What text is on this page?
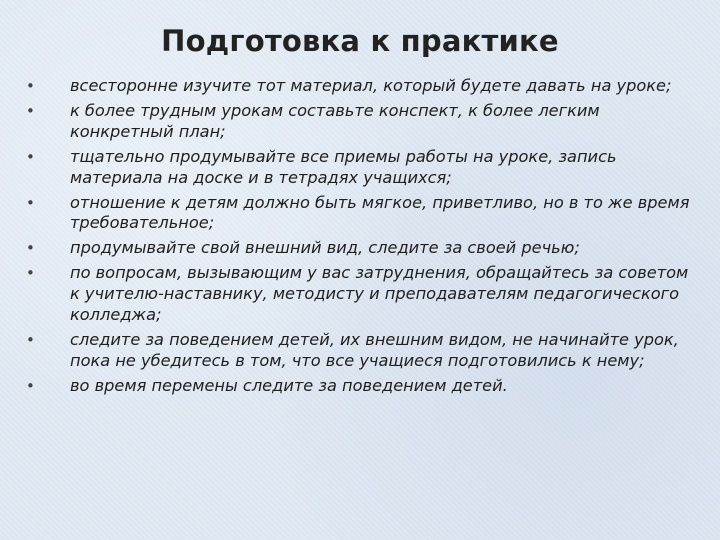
Подготовка к практике
• всесторонне изучите тот материал, который будете давать на уроке;
• к более трудным урокам составьте конспект, к более легким конкретный план;
• тщательно продумывайте все приемы работы на уроке, запись материала на доске и в тетрадях учащихся;
• отношение к детям должно быть мягкое, приветливо, но в то же время требовательное;
• продумывайте свой внешний вид, следите за своей речью;
• по вопросам, вызывающим у вас затруднения, обращайтесь за советом к учителю-наставнику, методисту и преподавателям педагогического колледжа;
• следите за поведением детей, их внешним видом, не начинайте урок, пока не убедитесь в том, что все учащиеся подготовились к нему;
• во время перемены следите за поведением детей.
